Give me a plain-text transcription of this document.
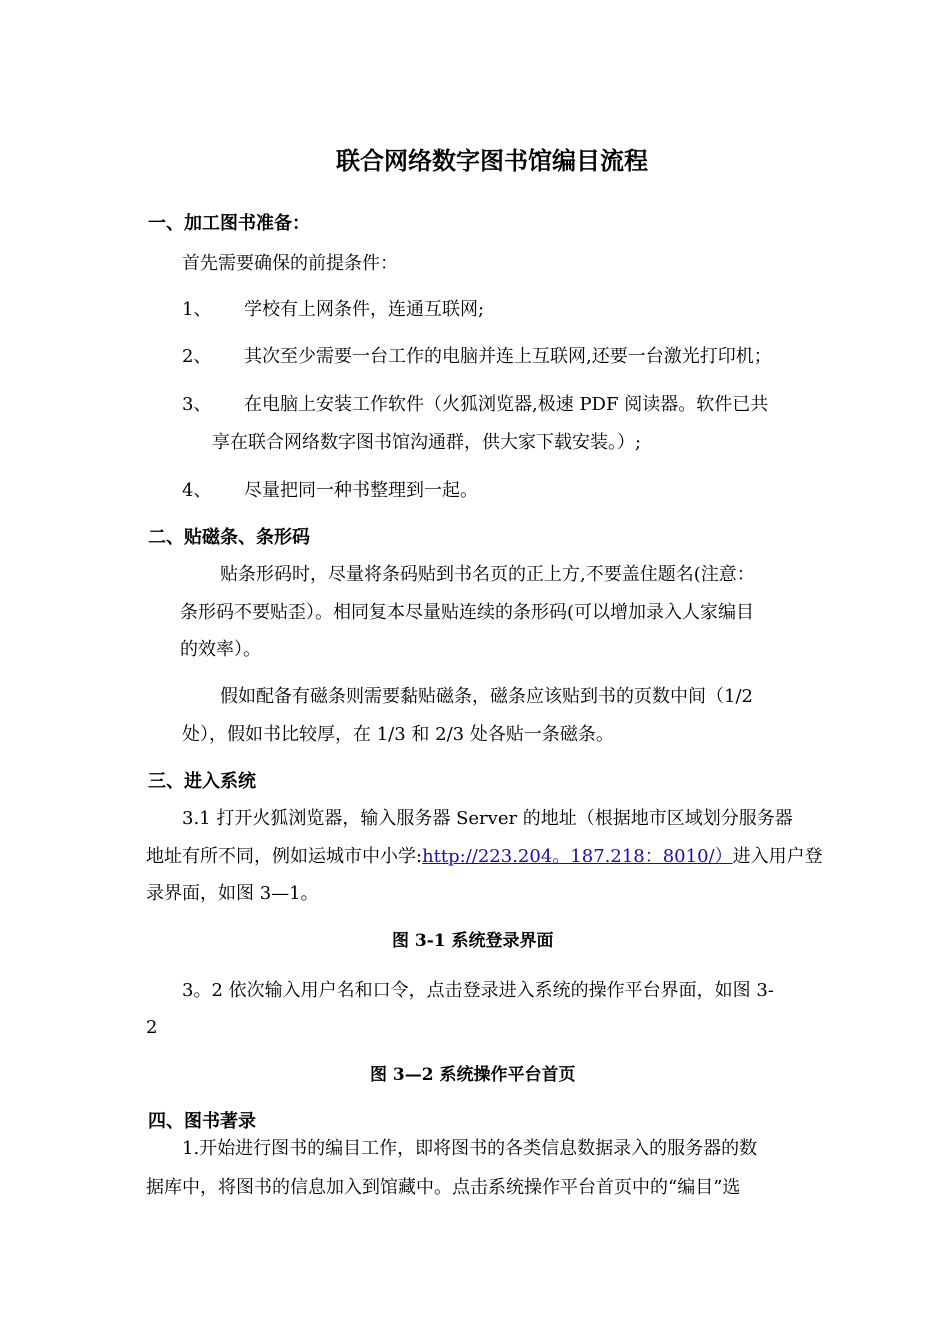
联合网络数字图书馆编目流程
一、加工图书准备：
首先需要确保的前提条件：
1、 学校有上网条件，连通互联网;
2、 其次至少需要一台工作的电脑并连上互联网,还要一台激光打印机；
3、 在电脑上安装工作软件（火狐浏览器,极速 PDF 阅读器。软件已共
享在联合网络数字图书馆沟通群，供大家下载安装。）;
4、 尽量把同一种书整理到一起。
二、贴磁条、条形码
贴条形码时，尽量将条码贴到书名页的正上方,不要盖住题名(注意：
条形码不要贴歪）。相同复本尽量贴连续的条形码(可以增加录入人家编目
的效率）。
假如配备有磁条则需要黏贴磁条，磁条应该贴到书的页数中间（1/2
处），假如书比较厚，在 1/3 和 2/3 处各贴一条磁条。
三、进入系统
3.1 打开火狐浏览器，输入服务器 Server 的地址（根据地市区域划分服务器
地址有所不同，例如运城市中小学:http://223.204。187.218：8010/）进入用户登
录界面，如图 3—1。
图 3-1 系统登录界面
3。2 依次输入用户名和口令，点击登录进入系统的操作平台界面，如图 3-
2
图 3—2 系统操作平台首页
四、图书著录
1.开始进行图书的编目工作，即将图书的各类信息数据录入的服务器的数
据库中，将图书的信息加入到馆藏中。点击系统操作平台首页中的“编目”选
